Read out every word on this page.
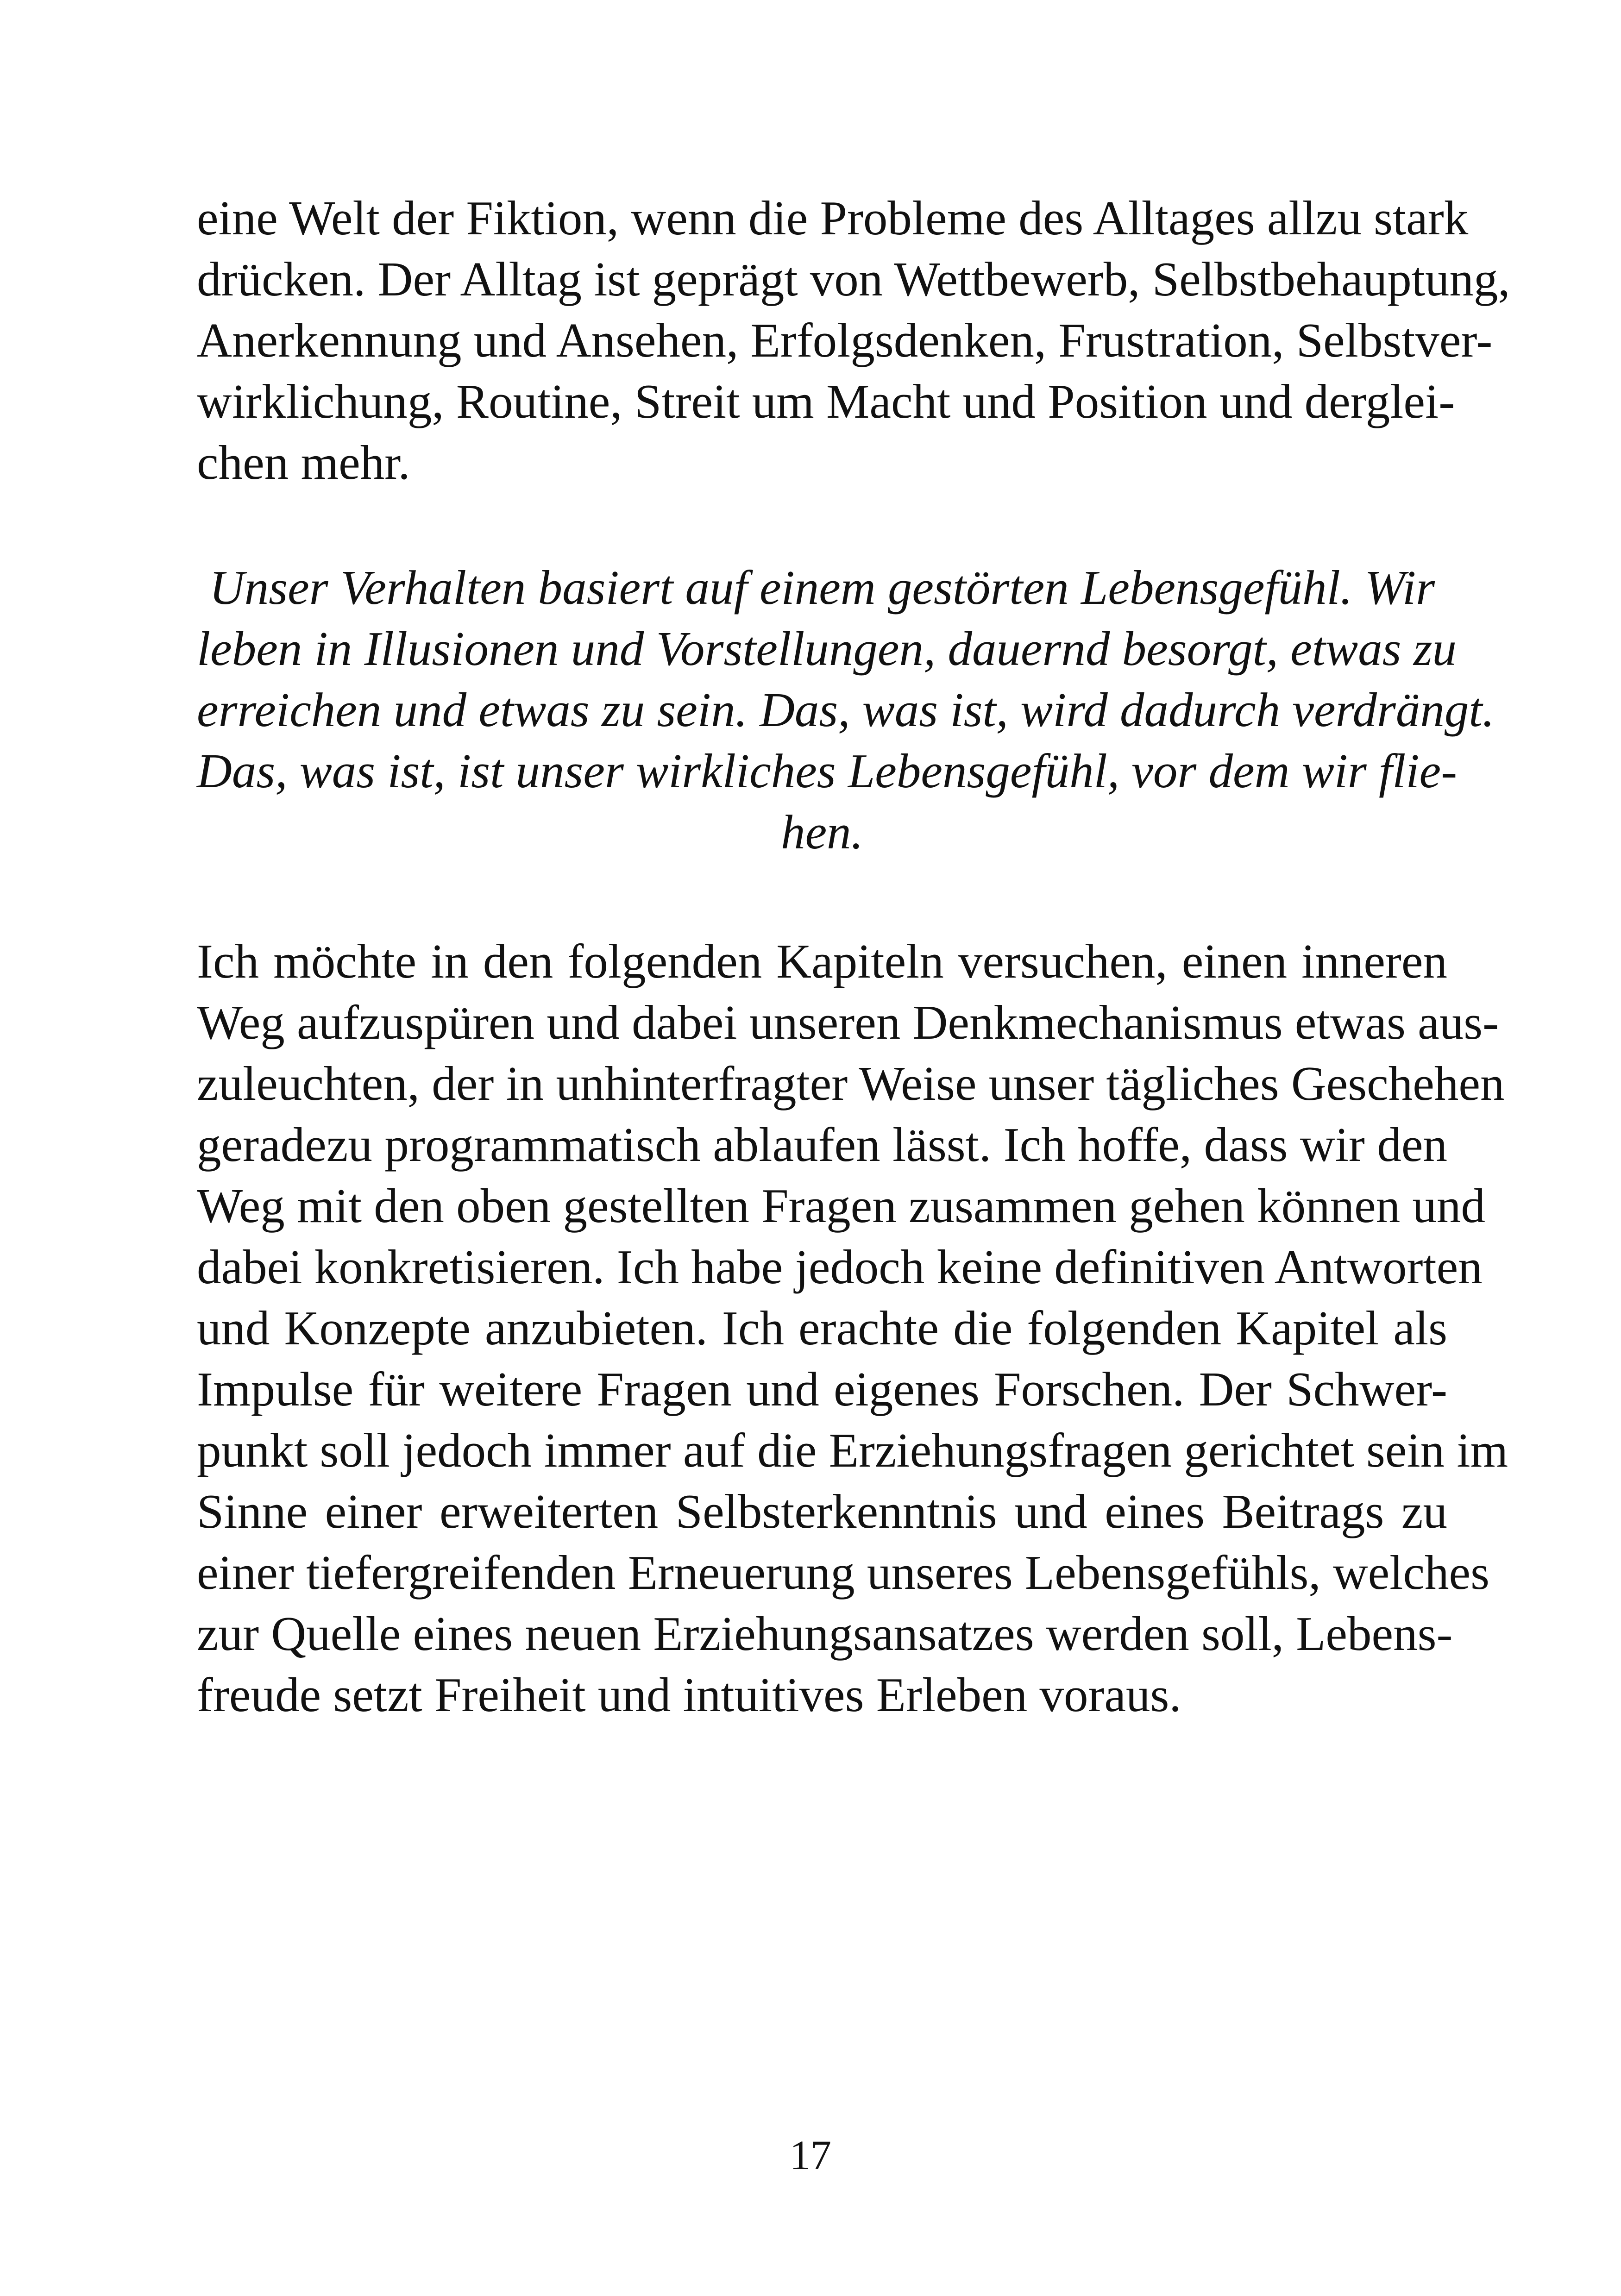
eine Welt der Fiktion, wenn die Probleme des Alltages allzu stark
drücken. Der Alltag ist geprägt von Wettbewerb, Selbstbehauptung,
Anerkennung und Ansehen, Erfolgsdenken, Frustration, Selbstver-
wirklichung, Routine, Streit um Macht und Position und derglei-
chen mehr.
Unser Verhalten basiert auf einem gestörten Lebensgefühl. Wir
leben in Illusionen und Vorstellungen, dauernd besorgt, etwas zu
erreichen und etwas zu sein. Das, was ist, wird dadurch verdrängt.
Das, was ist, ist unser wirkliches Lebensgefühl, vor dem wir flie-
hen.
Ich möchte in den folgenden Kapiteln versuchen, einen inneren
Weg aufzuspüren und dabei unseren Denkmechanismus etwas aus-
zuleuchten, der in unhinterfragter Weise unser tägliches Geschehen
geradezu programmatisch ablaufen lässt. Ich hoffe, dass wir den
Weg mit den oben gestellten Fragen zusammen gehen können und
dabei konkretisieren. Ich habe jedoch keine definitiven Antworten
und Konzepte anzubieten. Ich erachte die folgenden Kapitel als
Impulse für weitere Fragen und eigenes Forschen. Der Schwer-
punkt soll jedoch immer auf die Erziehungsfragen gerichtet sein im
Sinne einer erweiterten Selbsterkenntnis und eines Beitrags zu
einer tiefergreifenden Erneuerung unseres Lebensgefühls, welches
zur Quelle eines neuen Erziehungsansatzes werden soll, Lebens-
freude setzt Freiheit und intuitives Erleben voraus.
17
